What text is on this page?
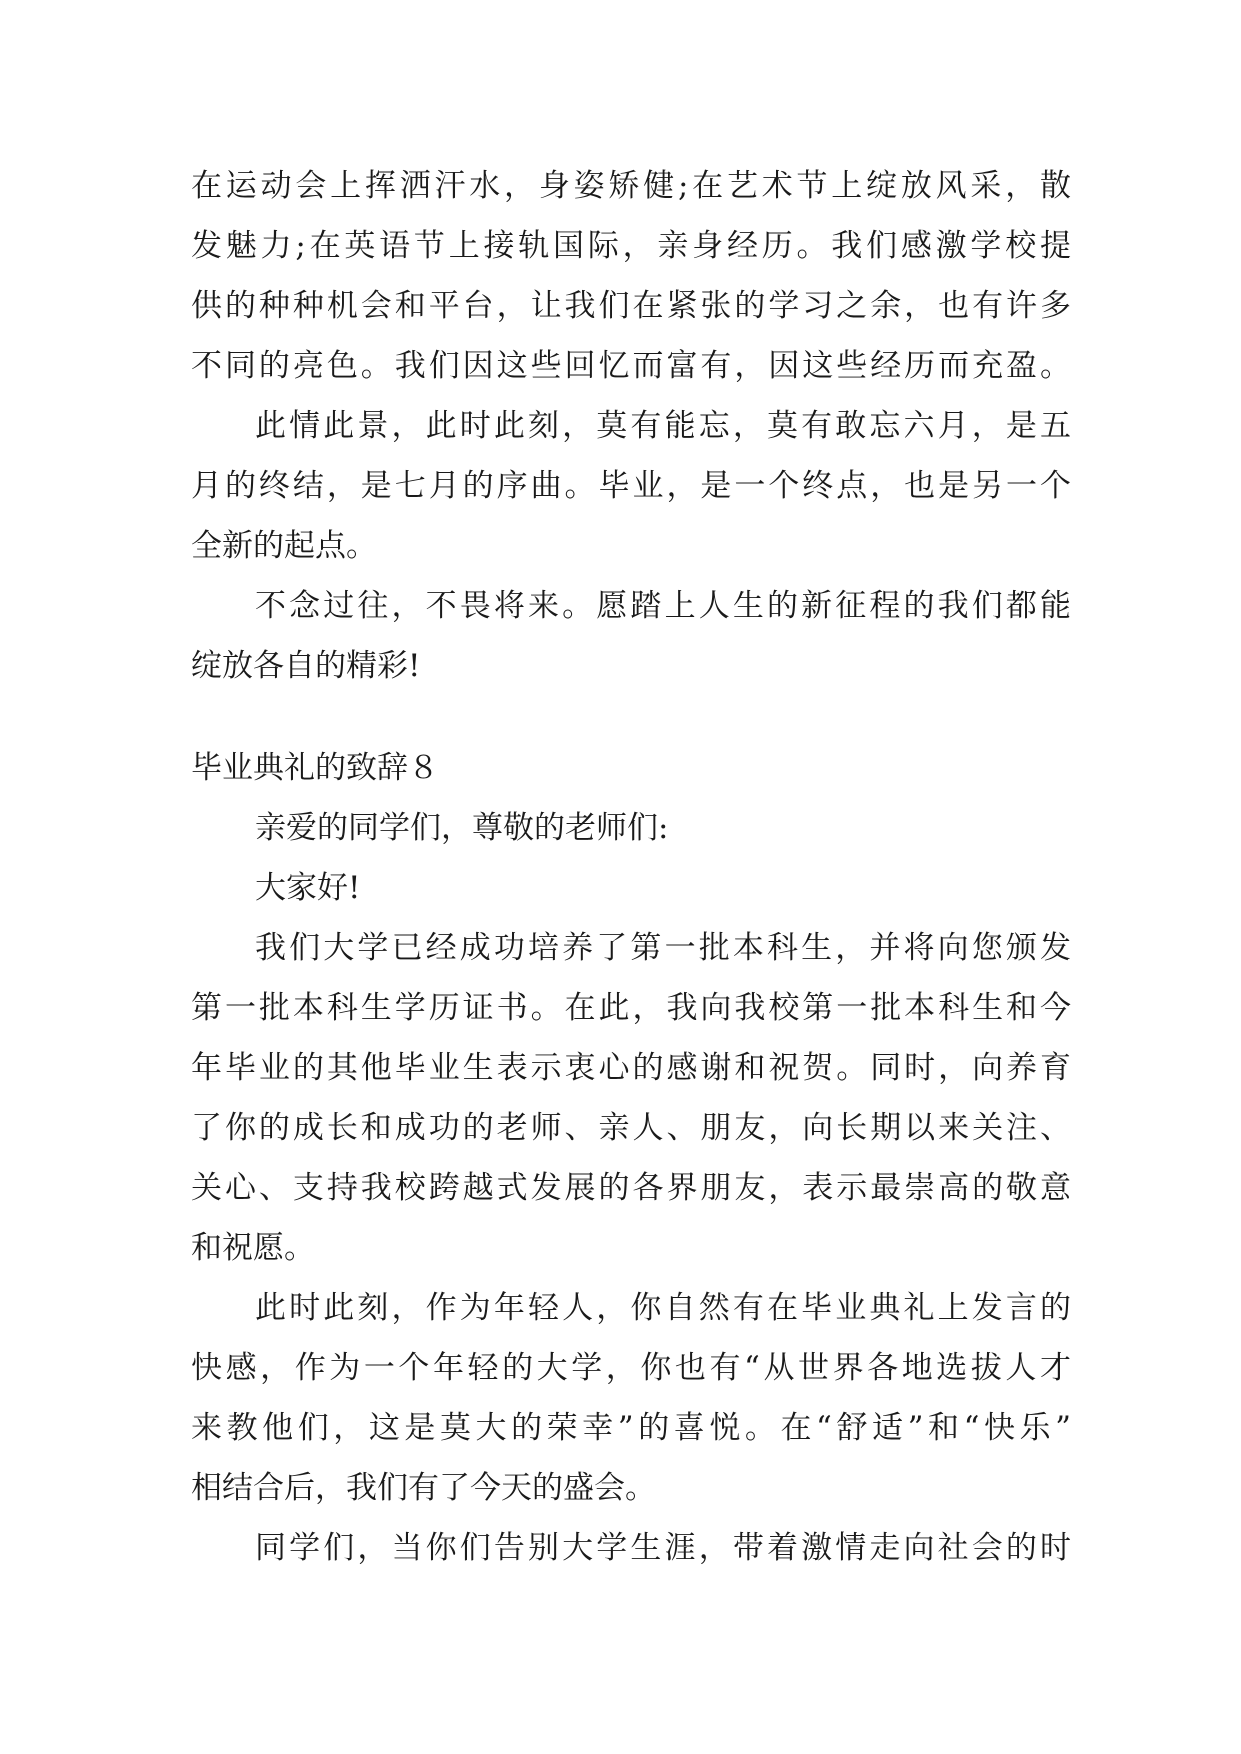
在运动会上挥洒汗水，身姿矫健;在艺术节上绽放风采，散

发魅力;在英语节上接轨国际，亲身经历。我们感激学校提

供的种种机会和平台，让我们在紧张的学习之余，也有许多

不同的亮色。我们因这些回忆而富有，因这些经历而充盈。

此情此景，此时此刻，莫有能忘，莫有敢忘六月，是五

月的终结，是七月的序曲。毕业，是一个终点，也是另一个

全新的起点。

不念过往，不畏将来。愿踏上人生的新征程的我们都能

绽放各自的精彩!

毕业典礼的致辞８

亲爱的同学们，尊敬的老师们:

大家好!

我们大学已经成功培养了第一批本科生，并将向您颁发

第一批本科生学历证书。在此，我向我校第一批本科生和今

年毕业的其他毕业生表示衷心的感谢和祝贺。同时，向养育

了你的成长和成功的老师、亲人、朋友，向长期以来关注、

关心、支持我校跨越式发展的各界朋友，表示最崇高的敬意

和祝愿。

此时此刻，作为年轻人，你自然有在毕业典礼上发言的

快感，作为一个年轻的大学，你也有“从世界各地选拔人才

来教他们，这是莫大的荣幸”的喜悦。在“舒适”和“快乐”

相结合后，我们有了今天的盛会。

同学们，当你们告别大学生涯，带着激情走向社会的时
